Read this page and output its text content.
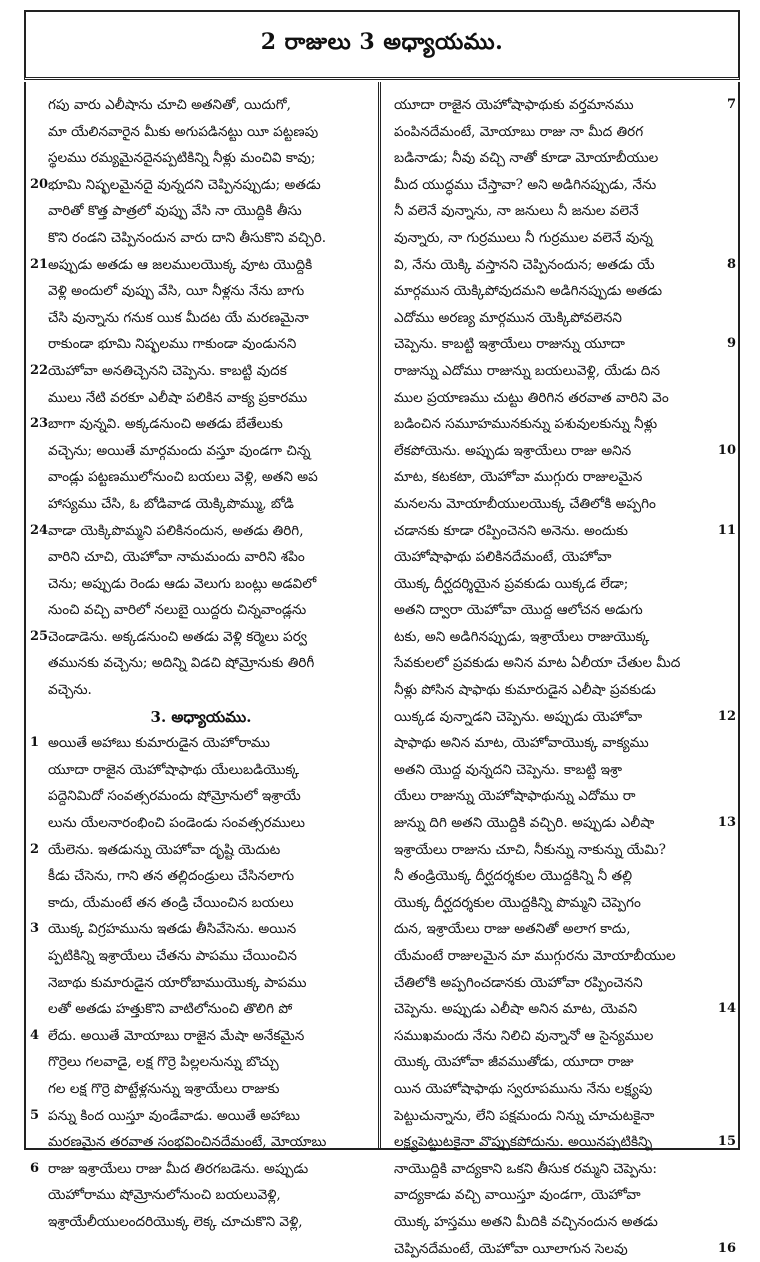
2 రాజులు 3 అధ్యాయము.
గపు వారు ఎలీషాను చూచి అతనితో, యిదుగో,
మా యేలినవారైన మీకు అగుపడినట్టు యీ పట్టణపు
స్థలము రమ్యమైనదైనప్పటికిన్ని నీళ్లు మంచివి కావు;
20 భూమి నిష్ఫలమైనదై వున్నదని చెప్పినప్పుడు; అతడు
వారితో కొత్త పాత్రలో వుప్పు వేసి నా యొద్దికి తీసు
కొని రండని చెప్పినందున వారు దాని తీసుకొని వచ్చిరి.
21 అప్పుడు అతడు ఆ జలములయొక్క వూట యొద్దికి
వెళ్లి అందులో వుప్పు వేసి, యీ నీళ్లను నేను బాగు
చేసి వున్నాను గనుక యిక మీదట యే మరణమైనా
రాకుండా భూమి నిష్ఫలము గాకుండా వుండునని
22 యెహోవా అనతిచ్చెనని చెప్పెను. కాబట్టి వుదక
ములు నేటి వరకూ ఎలీషా పలికిన వాక్య ప్రకారము
23 బాగా వున్నవి. అక్కడనుంచి అతడు బేతేలుకు
వచ్చెను; అయితే మార్గమందు వస్తూ వుండగా చిన్న
వాండ్లు పట్టణములోనుంచి బయలు వెళ్లి, అతని అప
హాస్యము చేసి, ఓ బోడివాడ యెక్కిపొమ్ము, బోడి
24 వాడా యెక్కిపొమ్మని పలికినందున, అతడు తిరిగి,
వారిని చూచి, యెహోవా నామమందు వారిని శపిం
చెను; అప్పుడు రెండు ఆడు వెలుగు బంట్లు అడవిలో
నుంచి వచ్చి వారిలో నలుబై యిద్దరు చిన్నవాండ్లను
25 చెండాడెను. అక్కడనుంచి అతడు వెళ్లి కర్మెలు పర్వ
తమునకు వచ్చెను; అదిన్ని విడచి షోమ్రోనుకు తిరిగీ
వచ్చెను.
3. అధ్యాయము.
1 అయితే అహాబు కుమారుడైన యెహోరాము
యూదా రాజైన యెహోషాఫాథు యేలుబడియొక్క
పద్దెనిమిదో సంవత్సరమందు షోమ్రోనులో ఇశ్రాయే
లును యేలనారంభించి పండెండు సంవత్సరములు
2 యేలెను. ఇతడున్ను యెహోవా దృష్టి యెదుట
కీడు చేసెను, గాని తన తల్లిదండ్రులు చేసినలాగు
కాదు, యేమంటే తన తండ్రి చేయించిన బయలు
3 యొక్క విగ్రహమును ఇతడు తీసివేసెను. అయిన
ప్పటికిన్ని ఇశ్రాయేలు చేతను పాపము చేయించిన
నెబాథు కుమారుడైన యారోబాముయొక్క పాపము
లతో అతడు హత్తుకొని వాటిలోనుంచి తొలిగి పో
4 లేదు. అయితే మోయాబు రాజైన మేషా అనేకమైన
గొర్రెలు గలవాడై, లక్ష గొర్రె పిల్లలనున్ను బొచ్చు
గల లక్ష గొర్రె పొట్టేళ్లనున్ను ఇశ్రాయేలు రాజుకు
5 పన్ను కింద యిస్తూ వుండేవాడు. అయితే అహాబు
మరణమైన తరవాత సంభవించినదేమంటే, మోయాబు
6 రాజు ఇశ్రాయేలు రాజు మీద తిరగబడెను. అప్పుడు
యెహోరాము షోమ్రోనులోనుంచి బయలువెళ్లి,
ఇశ్రాయేలీయులందరియొక్క లెక్క చూచుకొని వెళ్లి,
7
యూదా రాజైన యెహోషాఫాథుకు వర్తమానము
పంపినదేమంటే, మోయాబు రాజు నా మీద తిరగ
బడినాడు; నీవు వచ్చి నాతో కూడా మోయాబీయుల
మీద యుద్ధము చేస్తావా? అని అడిగినప్పుడు, నేను
నీ వలెనే వున్నాను, నా జనులు నీ జనుల వలెనే
వున్నారు, నా గుర్రములు నీ గుర్రముల వలెనే వున్న
8
వి, నేను యెక్కి వస్తానని చెప్పినందున; అతడు యే
మార్గమున యెక్కిపోవుదమని అడిగినప్పుడు అతడు
ఎదోము అరణ్య మార్గమున యెక్కిపోవలెనని
9
చెప్పెను. కాబట్టి ఇశ్రాయేలు రాజున్ను యూదా
రాజున్ను ఎదోము రాజున్ను బయలువెళ్లి, యేడు దిన
ముల ప్రయాణము చుట్టు తిరిగిన తరవాత వారిని వెం
బడించిన సమూహమునకున్ను పశువులకున్ను నీళ్లు
10
లేకపోయెను. అప్పుడు ఇశ్రాయేలు రాజు అనిన
మాట, కటకటా, యెహోవా ముగ్గురు రాజులమైన
మనలను మోయాబీయులయొక్క చేతిలోకి అప్పగిం
11
చడానకు కూడా రప్పించెనని అనెను. అందుకు
యెహోషాఫాథు పలికినదేమంటే, యెహోవా
యొక్క దీర్ఘదర్శియైన ప్రవకుడు యిక్కడ లేడా;
అతని ద్వారా యెహోవా యొద్ద ఆలోచన అడుగు
టకు, అని అడిగినప్పుడు, ఇశ్రాయేలు రాజుయొక్క
సేవకులలో ప్రవకుడు అనిన మాట ఏలీయా చేతుల మీద
నీళ్లు పోసిన షాఫాథు కుమారుడైన ఎలీషా ప్రవకుడు
12
యిక్కడ వున్నాడని చెప్పెను. అప్పుడు యెహోవా
షాఫాథు అనిన మాట, యెహోవాయొక్క వాక్యము
అతని యొద్ద వున్నదని చెప్పెను. కాబట్టి ఇశ్రా
యేలు రాజున్ను యెహోషాఫాథున్ను ఎదోము రా
13
జున్ను దిగి అతని యొద్దికి వచ్చిరి. అప్పుడు ఎలీషా
ఇశ్రాయేలు రాజును చూచి, నీకున్ను నాకున్ను యేమి?
నీ తండ్రియొక్క దీర్ఘదర్శకుల యొద్దకిన్ని నీ తల్లి
యొక్క దీర్ఘదర్శకుల యొద్దకిన్ని పొమ్మని చెప్పెగం
దున, ఇశ్రాయేలు రాజు అతనితో అలాగ కాదు,
యేమంటే రాజులమైన మా ముగ్గురను మోయాబీయుల
చేతిలోకి అప్పగించడానకు యెహోవా రప్పించెనని
14
చెప్పెను. అప్పుడు ఎలీషా అనిన మాట, యెవని
సముఖమందు నేను నిలిచి వున్నానో ఆ సైన్యముల
యొక్క యెహోవా జీవముతోడు, యూదా రాజు
యిన యెహోషాఫాథు స్వరూపమును నేను లక్ష్యపు
పెట్టుచున్నాను, లేని పక్షమందు నిన్ను చూచుటకైనా
15
లక్ష్యపెట్టుటకైనా వొప్పుకపోదును. అయినప్పటికిన్ని
నాయొద్దికి వాద్యకాని ఒకని తీసుక రమ్మని చెప్పెను:
వాద్యకాడు వచ్చి వాయిస్తూ వుండగా, యెహోవా
యొక్క హస్తము అతని మీదికి వచ్చినందున అతడు
16
చెప్పినదేమంటే, యెహోవా యీలాగున సెలవు
